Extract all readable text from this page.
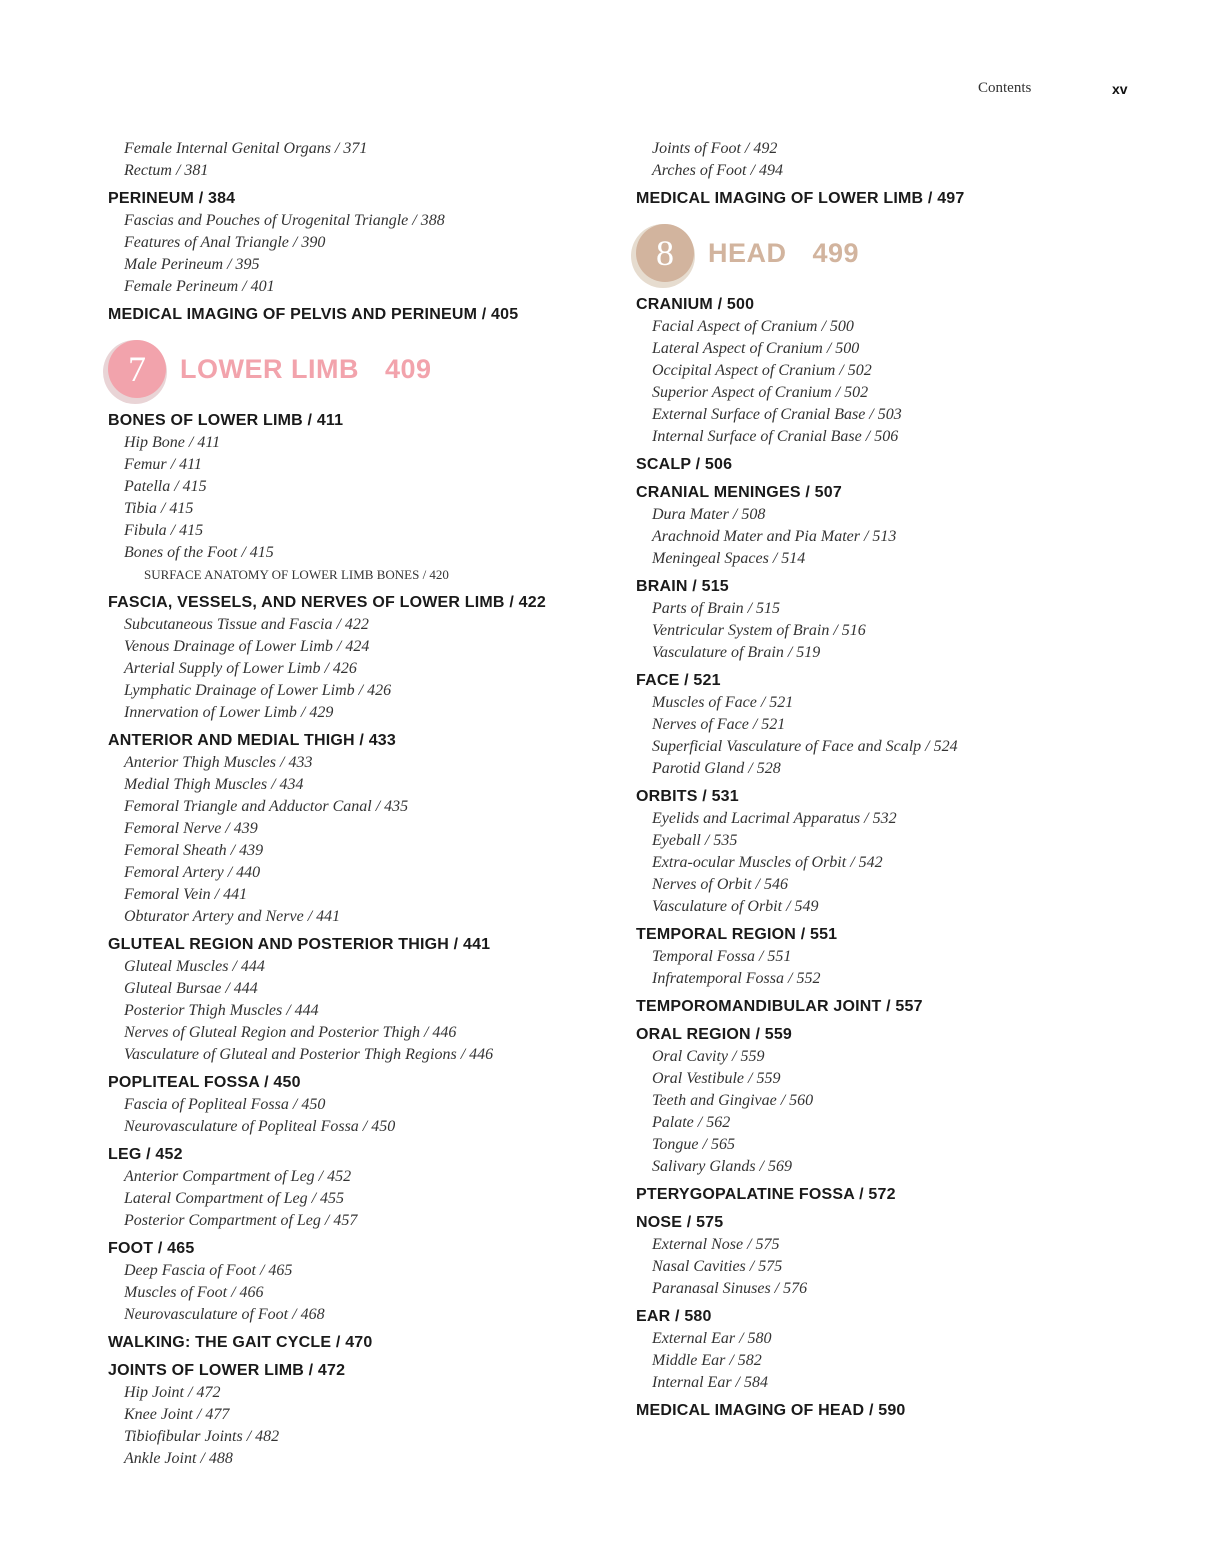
Contents	xv
Female Internal Genital Organs / 371
Rectum / 381
PERINEUM / 384
Fascias and Pouches of Urogenital Triangle / 388
Features of Anal Triangle / 390
Male Perineum / 395
Female Perineum / 401
MEDICAL IMAGING OF PELVIS AND PERINEUM / 405
7	LOWER LIMB 409
BONES OF LOWER LIMB / 411
Hip Bone / 411
Femur / 411
Patella / 415
Tibia / 415
Fibula / 415
Bones of the Foot / 415
SURFACE ANATOMY OF LOWER LIMB BONES / 420
FASCIA, VESSELS, AND NERVES OF LOWER LIMB / 422
Subcutaneous Tissue and Fascia / 422
Venous Drainage of Lower Limb / 424
Arterial Supply of Lower Limb / 426
Lymphatic Drainage of Lower Limb / 426
Innervation of Lower Limb / 429
ANTERIOR AND MEDIAL THIGH / 433
Anterior Thigh Muscles / 433
Medial Thigh Muscles / 434
Femoral Triangle and Adductor Canal / 435
Femoral Nerve / 439
Femoral Sheath / 439
Femoral Artery / 440
Femoral Vein / 441
Obturator Artery and Nerve / 441
GLUTEAL REGION AND POSTERIOR THIGH / 441
Gluteal Muscles / 444
Gluteal Bursae / 444
Posterior Thigh Muscles / 444
Nerves of Gluteal Region and Posterior Thigh / 446
Vasculature of Gluteal and Posterior Thigh Regions / 446
POPLITEAL FOSSA / 450
Fascia of Popliteal Fossa / 450
Neurovasculature of Popliteal Fossa / 450
LEG / 452
Anterior Compartment of Leg / 452
Lateral Compartment of Leg / 455
Posterior Compartment of Leg / 457
FOOT / 465
Deep Fascia of Foot / 465
Muscles of Foot / 466
Neurovasculature of Foot / 468
WALKING: THE GAIT CYCLE / 470
JOINTS OF LOWER LIMB / 472
Hip Joint / 472
Knee Joint / 477
Tibiofibular Joints / 482
Ankle Joint / 488
Joints of Foot / 492
Arches of Foot / 494
MEDICAL IMAGING OF LOWER LIMB / 497
8	HEAD 499
CRANIUM / 500
Facial Aspect of Cranium / 500
Lateral Aspect of Cranium / 500
Occipital Aspect of Cranium / 502
Superior Aspect of Cranium / 502
External Surface of Cranial Base / 503
Internal Surface of Cranial Base / 506
SCALP / 506
CRANIAL MENINGES / 507
Dura Mater / 508
Arachnoid Mater and Pia Mater / 513
Meningeal Spaces / 514
BRAIN / 515
Parts of Brain / 515
Ventricular System of Brain / 516
Vasculature of Brain / 519
FACE / 521
Muscles of Face / 521
Nerves of Face / 521
Superficial Vasculature of Face and Scalp / 524
Parotid Gland / 528
ORBITS / 531
Eyelids and Lacrimal Apparatus / 532
Eyeball / 535
Extra-ocular Muscles of Orbit / 542
Nerves of Orbit / 546
Vasculature of Orbit / 549
TEMPORAL REGION / 551
Temporal Fossa / 551
Infratemporal Fossa / 552
TEMPOROMANDIBULAR JOINT / 557
ORAL REGION / 559
Oral Cavity / 559
Oral Vestibule / 559
Teeth and Gingivae / 560
Palate / 562
Tongue / 565
Salivary Glands / 569
PTERYGOPALATINE FOSSA / 572
NOSE / 575
External Nose / 575
Nasal Cavities / 575
Paranasal Sinuses / 576
EAR / 580
External Ear / 580
Middle Ear / 582
Internal Ear / 584
MEDICAL IMAGING OF HEAD / 590
